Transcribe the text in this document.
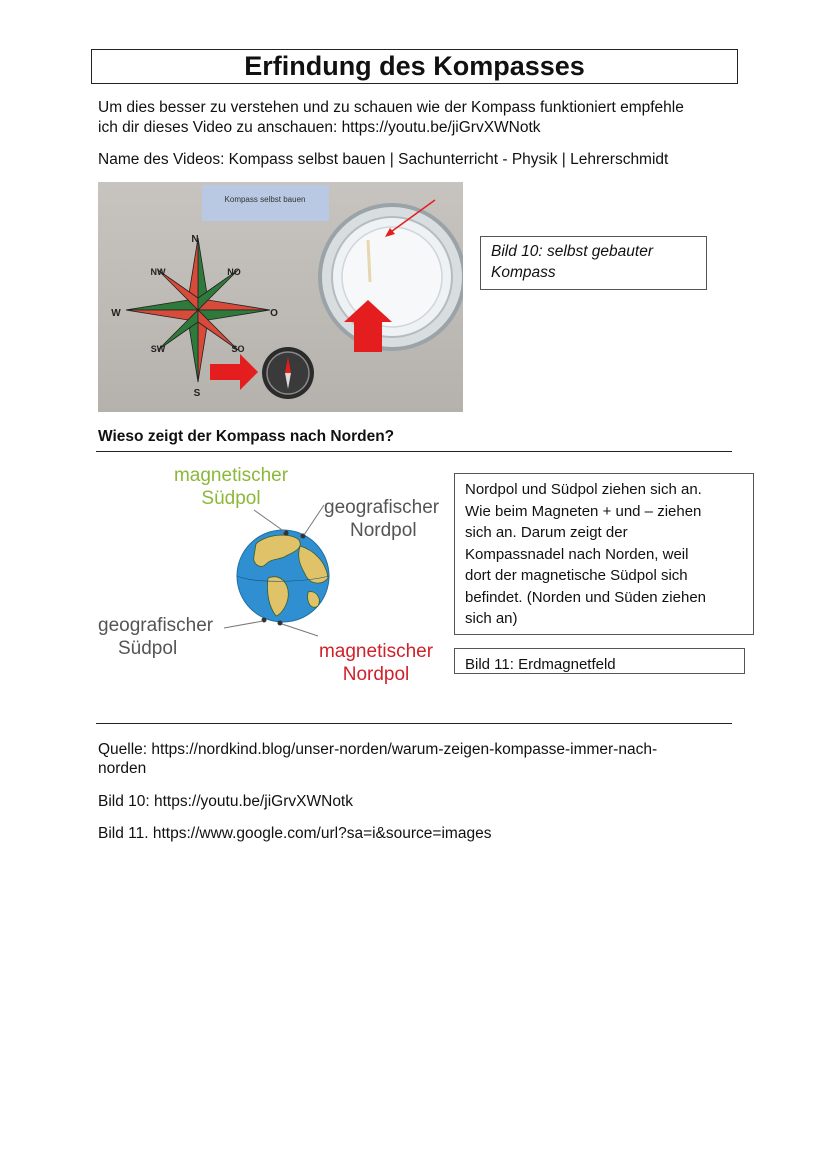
Erfindung des Kompasses

Um dies besser zu verstehen und zu schauen wie der Kompass funktioniert empfehle

ich dir dieses Video zu anschauen: https://youtu.be/jiGrvXWNotk

Name des Videos: Kompass selbst bauen | Sachunterricht - Physik | Lehrerschmidt

Kompass selbst bauen
N
NO
O
SO
S
SW
W
NW
Bild 10: selbst gebauter
Kompass

Wieso zeigt der Kompass nach Norden?

magnetischer
Südpol	geografischer
Nordpol
geografischer
Südpol	magnetischer
Nordpol
Nordpol und Südpol ziehen sich an.
Wie beim Magneten + und – ziehen
sich an. Darum zeigt der
Kompassnadel nach Norden, weil
dort der magnetische Südpol sich
befindet. (Norden und Süden ziehen
sich an)
Bild 11: Erdmagnetfeld

Quelle: https://nordkind.blog/unser-norden/warum-zeigen-kompasse-immer-nach-

norden

Bild 10: https://youtu.be/jiGrvXWNotk

Bild 11. https://www.google.com/url?sa=i&source=images
